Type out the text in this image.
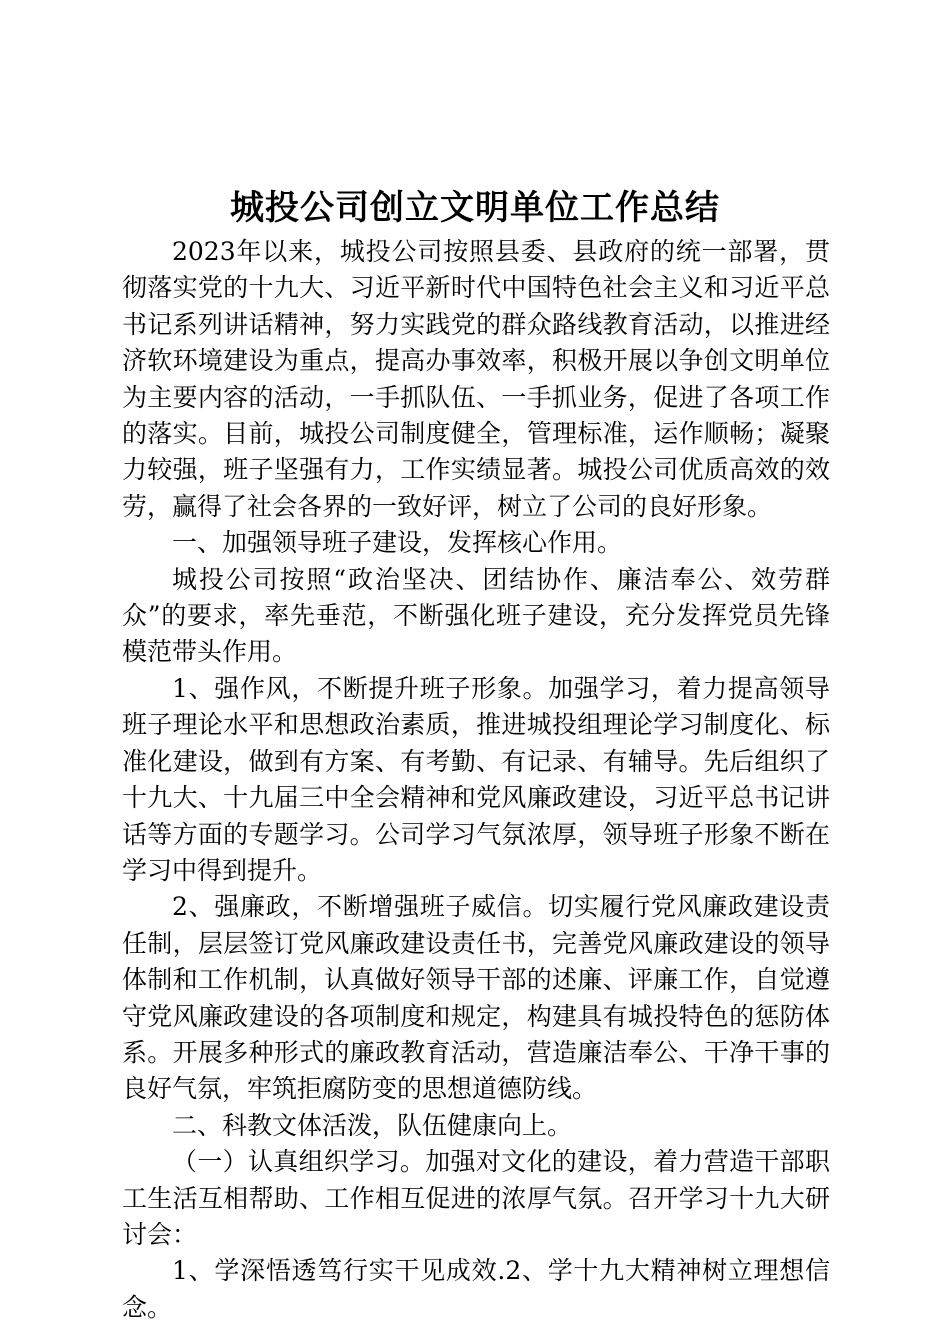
城投公司创立文明单位工作总结

2023年以来，城投公司按照县委、县政府的统一部署，贯彻落实党的十九大、习近平新时代中国特色社会主义和习近平总书记系列讲话精神，努力实践党的群众路线教育活动，以推进经济软环境建设为重点，提高办事效率，积极开展以争创文明单位为主要内容的活动，一手抓队伍、一手抓业务，促进了各项工作的落实。目前，城投公司制度健全，管理标准，运作顺畅；凝聚力较强，班子坚强有力，工作实绩显著。城投公司优质高效的效劳，赢得了社会各界的一致好评，树立了公司的良好形象。

一、加强领导班子建设，发挥核心作用。

城投公司按照“政治坚决、团结协作、廉洁奉公、效劳群众”的要求，率先垂范，不断强化班子建设，充分发挥党员先锋模范带头作用。

1、强作风，不断提升班子形象。加强学习，着力提高领导班子理论水平和思想政治素质，推进城投组理论学习制度化、标准化建设，做到有方案、有考勤、有记录、有辅导。先后组织了十九大、十九届三中全会精神和党风廉政建设，习近平总书记讲话等方面的专题学习。公司学习气氛浓厚，领导班子形象不断在学习中得到提升。

2、强廉政，不断增强班子威信。切实履行党风廉政建设责任制，层层签订党风廉政建设责任书，完善党风廉政建设的领导体制和工作机制，认真做好领导干部的述廉、评廉工作，自觉遵守党风廉政建设的各项制度和规定，构建具有城投特色的惩防体系。开展多种形式的廉政教育活动，营造廉洁奉公、干净干事的良好气氛，牢筑拒腐防变的思想道德防线。

二、科教文体活泼，队伍健康向上。

（一）认真组织学习。加强对文化的建设，着力营造干部职工生活互相帮助、工作相互促进的浓厚气氛。召开学习十九大研讨会：

1、学深悟透笃行实干见成效.2、学十九大精神树立理想信念。
